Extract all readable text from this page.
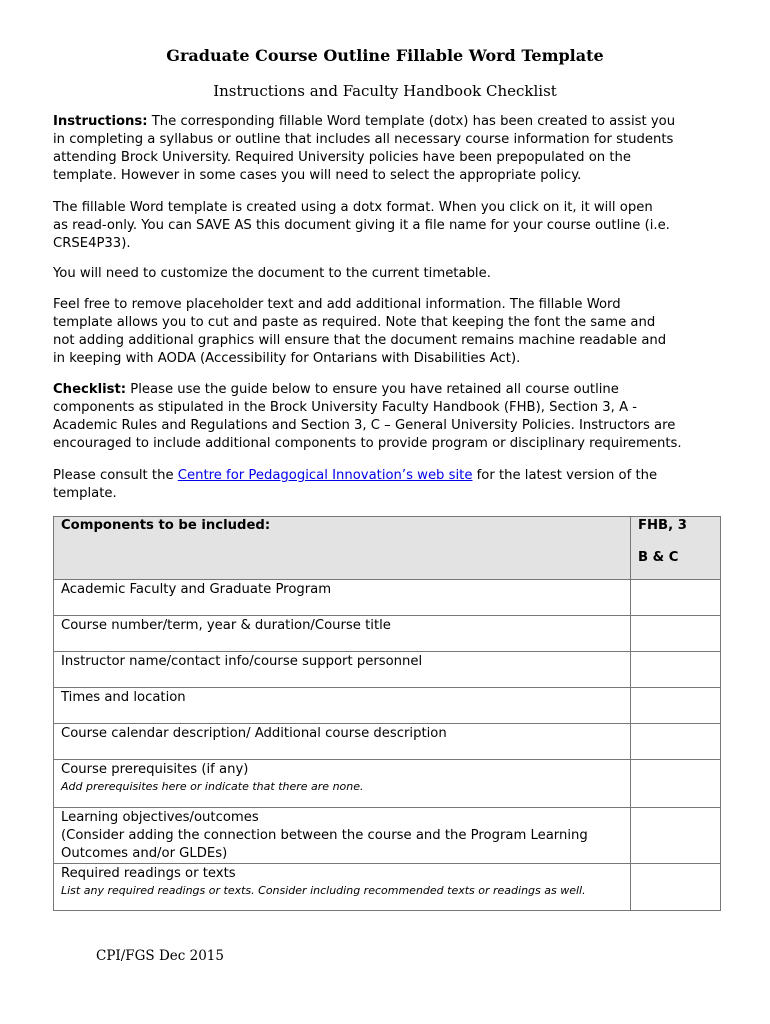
Graduate Course Outline Fillable Word Template
Instructions and Faculty Handbook Checklist
Instructions: The corresponding fillable Word template (dotx) has been created to assist you
in completing a syllabus or outline that includes all necessary course information for students
attending Brock University. Required University policies have been prepopulated on the
template. However in some cases you will need to select the appropriate policy.
The fillable Word template is created using a dotx format. When you click on it, it will open
as read-only. You can SAVE AS this document giving it a file name for your course outline (i.e.
CRSE4P33).
You will need to customize the document to the current timetable.
Feel free to remove placeholder text and add additional information. The fillable Word
template allows you to cut and paste as required. Note that keeping the font the same and
not adding additional graphics will ensure that the document remains machine readable and
in keeping with AODA (Accessibility for Ontarians with Disabilities Act).
Checklist: Please use the guide below to ensure you have retained all course outline
components as stipulated in the Brock University Faculty Handbook (FHB), Section 3, A -
Academic Rules and Regulations and Section 3, C – General University Policies. Instructors are
encouraged to include additional components to provide program or disciplinary requirements.
Please consult the Centre for Pedagogical Innovation’s web site for the latest version of the
template.
Components to be included:	FHB, 3
B & C

Academic Faculty and Graduate Program	
Course number/term, year & duration/Course title	
Instructor name/contact info/course support personnel	
Times and location	
Course calendar description/ Additional course description	

Course prerequisites (if any)
Add prerequisites here or indicate that there are none.	

Learning objectives/outcomes
(Consider adding the connection between the course and the Program Learning
Outcomes and/or GLDEs)	

Required readings or texts
List any required readings or texts. Consider including recommended texts or readings as well.	

CPI/FGS Dec 2015
